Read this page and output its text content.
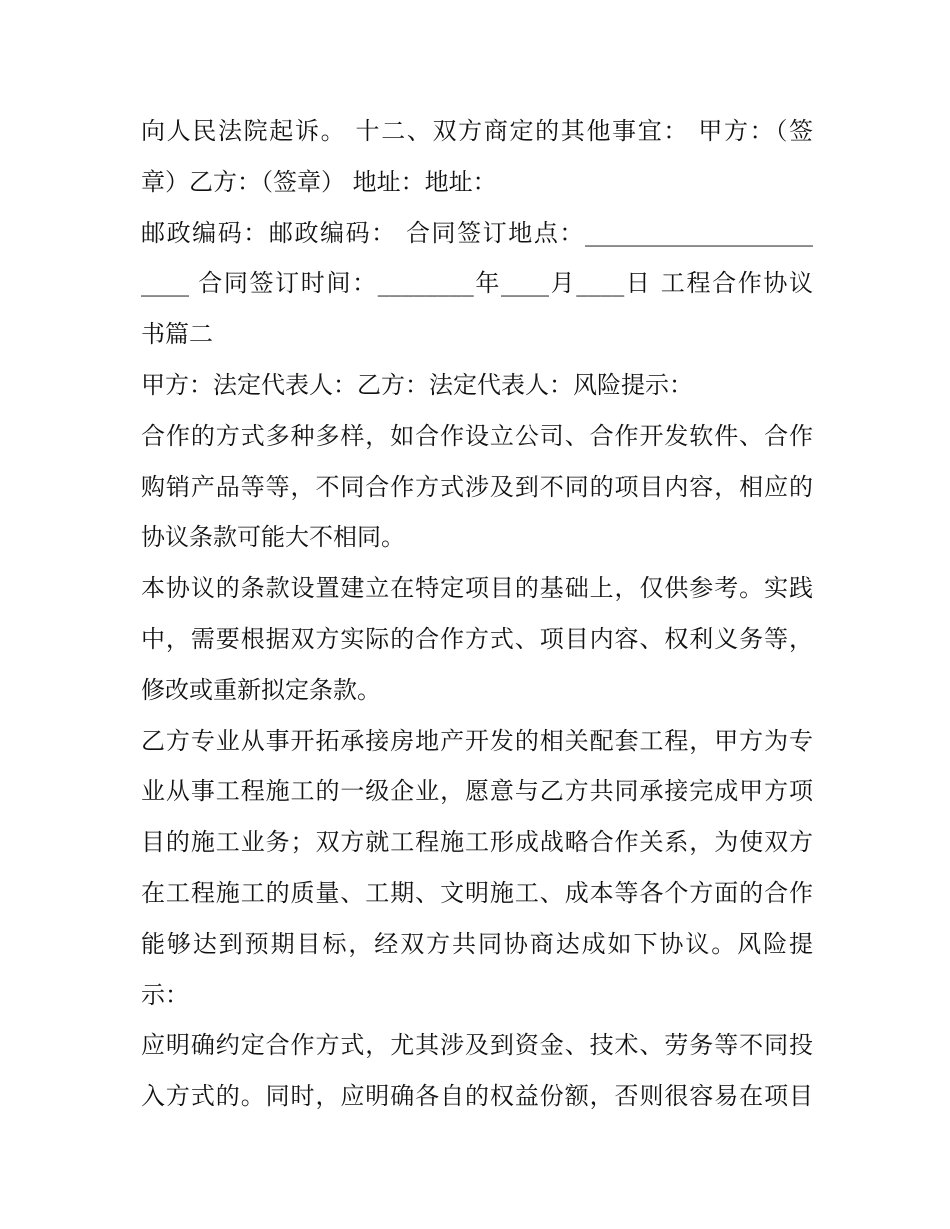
向人民法院起诉。 十二、双方商定的其他事宜： 甲方：（签
章）乙方：（签章） 地址：地址：
邮政编码：邮政编码： 合同签订地点：___________________
____ 合同签订时间：________年____月____日 工程合作协议
书篇二
甲方：法定代表人：乙方：法定代表人：风险提示：
合作的方式多种多样，如合作设立公司、合作开发软件、合作
购销产品等等，不同合作方式涉及到不同的项目内容，相应的
协议条款可能大不相同。
本协议的条款设置建立在特定项目的基础上，仅供参考。实践
中，需要根据双方实际的合作方式、项目内容、权利义务等，
修改或重新拟定条款。
乙方专业从事开拓承接房地产开发的相关配套工程，甲方为专
业从事工程施工的一级企业，愿意与乙方共同承接完成甲方项
目的施工业务；双方就工程施工形成战略合作关系，为使双方
在工程施工的质量、工期、文明施工、成本等各个方面的合作
能够达到预期目标，经双方共同协商达成如下协议。风险提
示：
应明确约定合作方式，尤其涉及到资金、技术、劳务等不同投
入方式的。同时，应明确各自的权益份额，否则很容易在项目
